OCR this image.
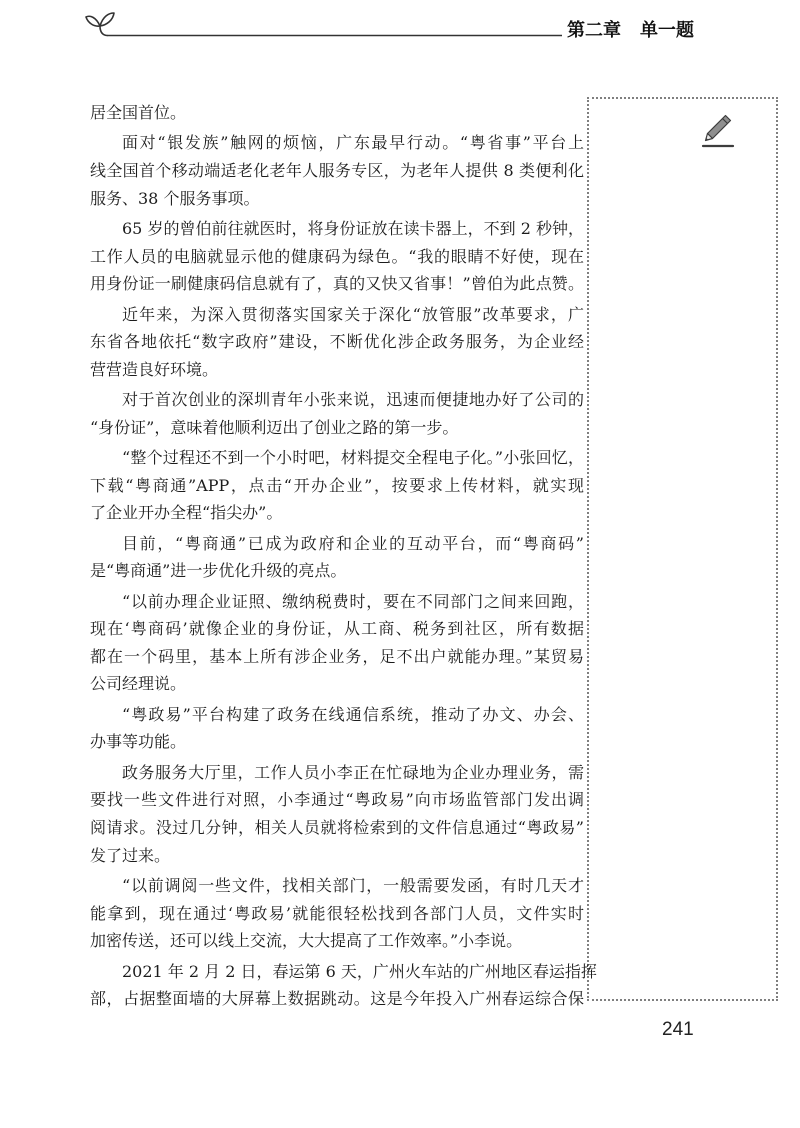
第二章 单一题
居全国首位。
面对“银发族”触网的烦恼，广东最早行动。“粤省事”平台上
线全国首个移动端适老化老年人服务专区，为老年人提供 8 类便利化
服务、38 个服务事项。
65 岁的曾伯前往就医时，将身份证放在读卡器上，不到 2 秒钟，
工作人员的电脑就显示他的健康码为绿色。“我的眼睛不好使，现在
用身份证一刷健康码信息就有了，真的又快又省事！”曾伯为此点赞。
近年来，为深入贯彻落实国家关于深化“放管服”改革要求，广
东省各地依托“数字政府”建设，不断优化涉企政务服务，为企业经
营营造良好环境。
对于首次创业的深圳青年小张来说，迅速而便捷地办好了公司的
“身份证”，意味着他顺利迈出了创业之路的第一步。
“整个过程还不到一个小时吧，材料提交全程电子化。”小张回忆，
下载“粤商通”APP，点击“开办企业”，按要求上传材料，就实现
了企业开办全程“指尖办”。
目前，“粤商通”已成为政府和企业的互动平台，而“粤商码”
是“粤商通”进一步优化升级的亮点。
“以前办理企业证照、缴纳税费时，要在不同部门之间来回跑，
现在‘粤商码’就像企业的身份证，从工商、税务到社区，所有数据
都在一个码里，基本上所有涉企业务，足不出户就能办理。”某贸易
公司经理说。
“粤政易”平台构建了政务在线通信系统，推动了办文、办会、
办事等功能。
政务服务大厅里，工作人员小李正在忙碌地为企业办理业务，需
要找一些文件进行对照，小李通过“粤政易”向市场监管部门发出调
阅请求。没过几分钟，相关人员就将检索到的文件信息通过“粤政易”
发了过来。
“以前调阅一些文件，找相关部门，一般需要发函，有时几天才
能拿到，现在通过‘粤政易’就能很轻松找到各部门人员，文件实时
加密传送，还可以线上交流，大大提高了工作效率。”小李说。
2021 年 2 月 2 日，春运第 6 天，广州火车站的广州地区春运指挥
部，占据整面墙的大屏幕上数据跳动。这是今年投入广州春运综合保
241
